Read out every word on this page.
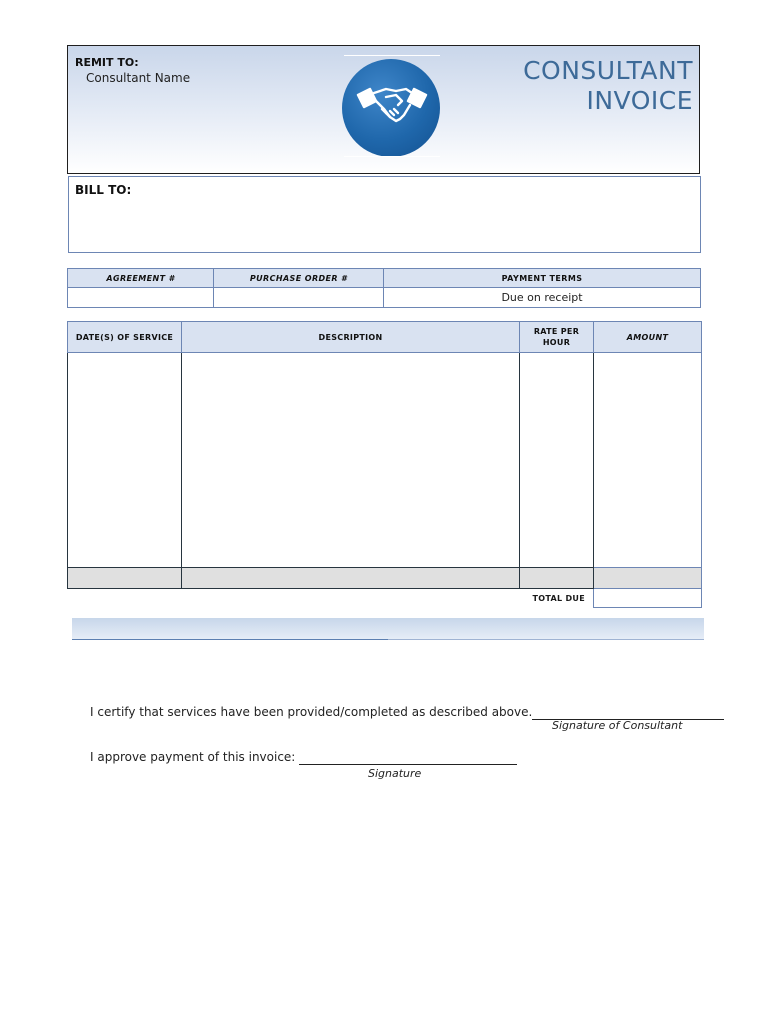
REMIT TO:
Consultant Name	CONSULTANT
INVOICE
BILL TO:
AGREEMENT #	PURCHASE ORDER #	PAYMENT TERMS
		Due on receipt
DATE(S) OF SERVICE	DESCRIPTION	RATE PER HOUR	AMOUNT

		TOTAL DUE	
I certify that services have been provided/completed as described above.
Signature of Consultant
I approve payment of this invoice:
Signature
